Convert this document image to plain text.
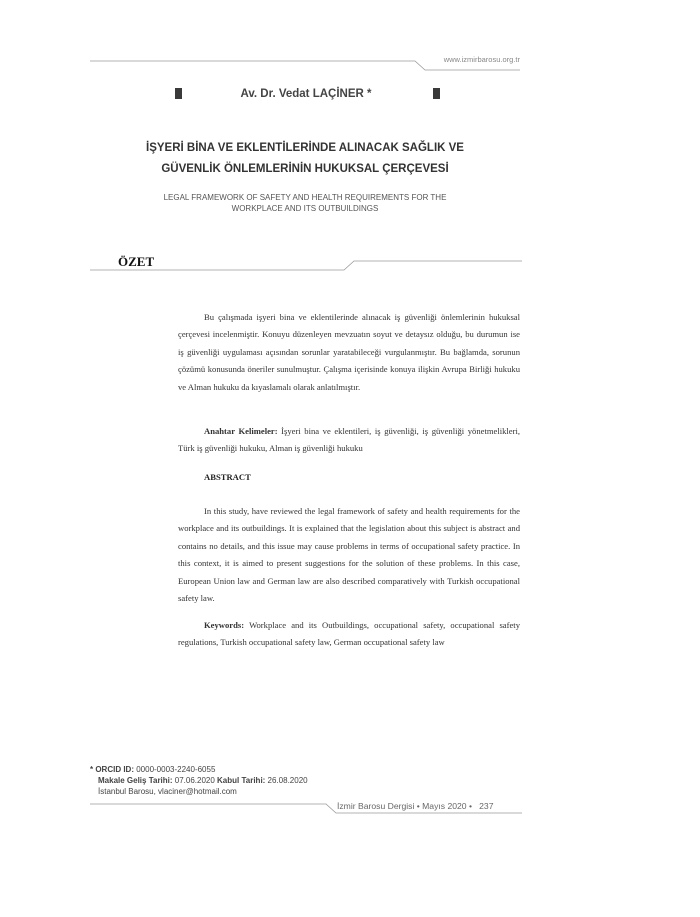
www.izmirbarosu.org.tr
Av. Dr. Vedat LAÇİNER *
İŞYERİ BİNA VE EKLENTİLERİNDE ALINACAK SAĞLIK VE
GÜVENLİK ÖNLEMLERİNİN HUKUKSAL ÇERÇEVESİ
LEGAL FRAMEWORK OF SAFETY AND HEALTH REQUIREMENTS FOR THE
WORKPLACE AND ITS OUTBUILDINGS
ÖZET
Bu çalışmada işyeri bina ve eklentilerinde alınacak iş güvenliği önlemlerinin hukuksal çerçevesi incelenmiştir. Konuyu düzenleyen mevzuatın soyut ve detaysız olduğu, bu durumun ise iş güvenliği uygulaması açısından sorunlar yaratabileceği vurgulanmıştır. Bu bağlamda, sorunun çözümü konusunda öneriler sunulmuştur. Çalışma içerisinde konuya ilişkin Avrupa Birliği hukuku ve Alman hukuku da kıyaslamalı olarak anlatılmıştır.
Anahtar Kelimeler: İşyeri bina ve eklentileri, iş güvenliği, iş güvenliği yönetmelikleri, Türk iş güvenliği hukuku, Alman iş güvenliği hukuku
ABSTRACT
In this study, have reviewed the legal framework of safety and health requirements for the workplace and its outbuildings. It is explained that the legislation about this subject is abstract and contains no details, and this issue may cause problems in terms of occupational safety practice. In this context, it is aimed to present suggestions for the solution of these problems. In this case, European Union law and German law are also described comparatively with Turkish occupational safety law.
Keywords: Workplace and its Outbuildings, occupational safety, occupational safety regulations, Turkish occupational safety law, German occupational safety law
* ORCID ID: 0000-0003-2240-6055
Makale Geliş Tarihi: 07.06.2020 Kabul Tarihi: 26.08.2020
İstanbul Barosu, vlaciner@hotmail.com
İzmir Barosu Dergisi • Mayıs 2020 • 237
